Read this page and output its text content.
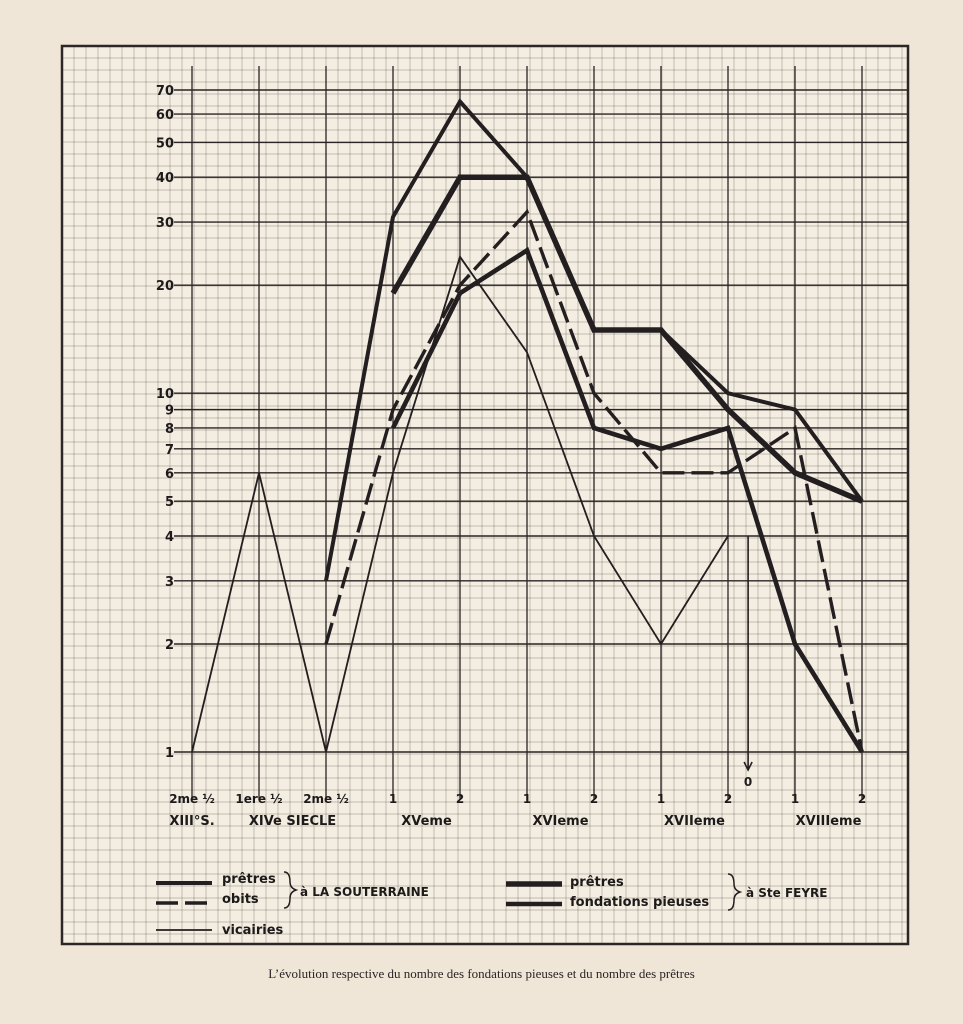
0
1
2
3
4
5
6
7
8
9
10
20
30
40
50
60
70
2me ½ 1ere ½ 2me ½	1	2	1	2	1	2	1	2
XIII°S.	XIVe SIECLE	XVeme	XVIeme	XVIIeme	XVIIIeme
prêtres
obits
vicairies
à LA SOUTERRAINE
prêtres
fondations pieuses
à Ste FEYRE
L’évolution respective du nombre des fondations pieuses et du nombre des prêtres
